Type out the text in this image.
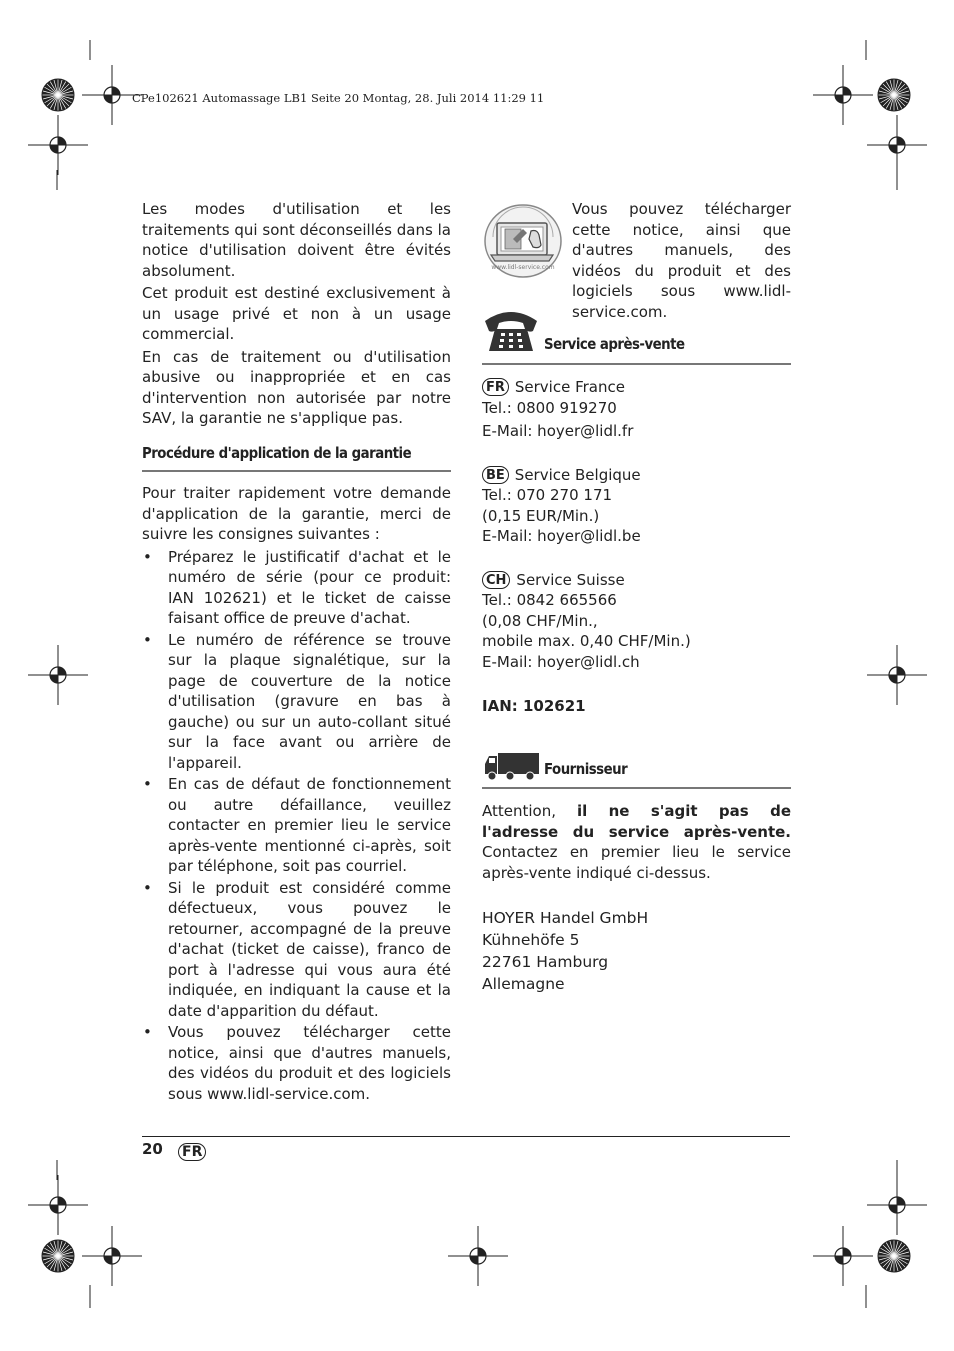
CPe102621 Automassage LB1 Seite 20 Montag, 28. Juli 2014 11:29 11

Les modes d'utilisation et les traitements qui sont déconseillés dans la notice d'utilisation doivent être évités absolument.

Cet produit est destiné exclusivement à un usage privé et non à un usage commercial.

En cas de traitement ou d'utilisation abusive ou inappropriée et en cas d'intervention non autorisée par notre SAV, la garantie ne s'applique pas.

Procédure d'application de la garantie

Pour traiter rapidement votre demande d'application de la garantie, merci de suivre les consignes suivantes :

• Préparez le justificatif d'achat et le numéro de série (pour ce produit: IAN 102621) et le ticket de caisse faisant office de preuve d'achat.
• Le numéro de référence se trouve sur la plaque signalétique, sur la page de couverture de la notice d'utilisation (gravure en bas à gauche) ou sur un auto-collant situé sur la face avant ou arrière de l'appareil.
• En cas de défaut de fonctionnement ou autre défaillance, veuillez contacter en premier lieu le service après-vente mentionné ci-après, soit par téléphone, soit pas courriel.
• Si le produit est considéré comme défectueux, vous pouvez le retourner, accompagné de la preuve d'achat (ticket de caisse), franco de port à l'adresse qui vous aura été indiquée, en indiquant la cause et la date d'apparition du défaut.
• Vous pouvez télécharger cette notice, ainsi que d'autres manuels, des vidéos du produit et des logiciels sous www.lidl-service.com.
www.lidl-service.com
Vous pouvez télécharger cette notice, ainsi que d'autres manuels, des vidéos du produit et des logiciels sous www.lidl-service.com.
Service après-vente
FR Service France
Tel.: 0800 919270
E-Mail: hoyer@lidl.fr
BE Service Belgique
Tel.: 070 270 171
(0,15 EUR/Min.)
E-Mail: hoyer@lidl.be
CH Service Suisse
Tel.: 0842 665566
(0,08 CHF/Min.,
mobile max. 0,40 CHF/Min.)
E-Mail: hoyer@lidl.ch
IAN: 102621
Fournisseur
Attention, il ne s'agit pas de l'adresse du service après-vente. Contactez en premier lieu le service après-vente indiqué ci-dessus.
HOYER Handel GmbH
Kühnehöfe 5
22761 Hamburg
Allemagne
20 FR
